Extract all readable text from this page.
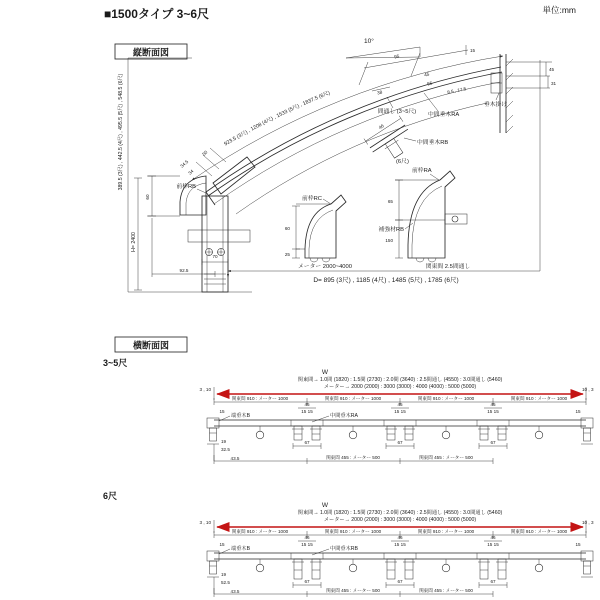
■1500タイプ 3~6尺	単位:mm
縦断面図
389.5 (3尺) , 442.5 (4尺) , 495.5 (5尺) , 548.5 (6尺)
H= 2400
923.5 (3尺) , 1208 (4尺) , 1533 (5尺) , 1837.5 (6尺)
垂木掛け
10°
15
95
38
45
55
8.5 , 17.5
間通し (3~5尺) 中間垂木RA
45
31
46
中間垂木RB
(6尺)
34.5
34
50
前枠RB
60
70
92.5
D= 895 (3尺) , 1185 (4尺) , 1485 (5尺) , 1785 (6尺)
60
25
前枠RC
メーター 2000~4000
65
150
前枠RA
補強材RB
関東間 2.5間通し
横断面図
3~5尺
W
関東間→ 1.0間 (1820) : 1.5間 (2730) : 2.0間 (3640) : 2.5間通し (4550) : 3.0間通し (5460)
メーター→ 2000 (2000) : 3000 (3000) : 4000 (4000) : 5000 (5000)
3 , 10	10 , 3
関東間 910 : メーター 1000	関東間 910 : メーター 1000	関東間 910 : メーター 1000	関東間 910 : メーター 1000
45	45	45
15	15
15 15	15 15	15 15
端垂木B	中間垂木RA
67	67	67
19
32.5
43.5	関東間 455 : メーター 500	関東間 455 : メーター 500
6尺
W
関東間→ 1.0間 (1820) : 1.5間 (2730) : 2.0間 (3640) : 2.5間通し (4550) : 3.0間通し (5460)
メーター→ 2000 (2000) : 3000 (3000) : 4000 (4000) : 5000 (5000)
3 , 10	10 , 3
関東間 910 : メーター 1000	関東間 910 : メーター 1000	関東間 910 : メーター 1000	関東間 910 : メーター 1000
46	46	46
15	15
15 15	15 15	15 15
端垂木B	中間垂木RB
67	67	67
19
52.5
43.5	関東間 455 : メーター 500	関東間 455 : メーター 500
